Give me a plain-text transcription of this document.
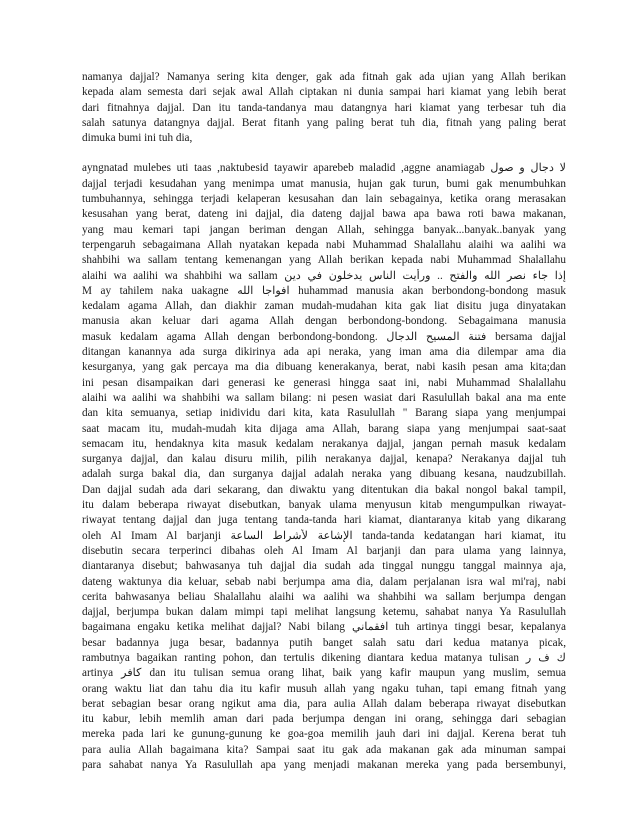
namanya dajjal? Namanya sering kita denger, gak ada fitnah gak ada ujian yang Allah berikan
kepada alam semesta dari sejak awal Allah ciptakan ni dunia sampai hari kiamat yang lebih berat
dari fitnahnya dajjal. Dan itu tanda-tandanya mau datangnya hari kiamat yang terbesar tuh dia
salah satunya datangnya dajjal. Berat fitanh yang paling berat tuh dia, fitnah yang paling berat
dimuka bumi ini tuh dia,
ayngnatad mulebes uti taas ,naktubesid tayawir aparebeb maladid ,aggne anamiagab لا دجال و صول
dajjal terjadi kesudahan yang menimpa umat manusia, hujan gak turun, bumi gak menumbuhkan
tumbuhannya, sehingga terjadi kelaperan kesusahan dan lain sebagainya, ketika orang merasakan
kesusahan yang berat, dateng ini dajjal, dia dateng dajjal bawa apa bawa roti bawa makanan,
yang mau kemari tapi jangan beriman dengan Allah, sehingga banyak...banyak..banyak yang
terpengaruh sebagaimana Allah nyatakan kepada nabi Muhammad Shalallahu alaihi wa aalihi wa
shahbihi wa sallam tentang kemenangan yang Allah berikan kepada nabi Muhammad Shalallahu
alaihi wa aalihi wa shahbihi wa sallam إذا جاء نصر الله والفتح .. ورأيت الناس يدخلون في دين
M ay tahilem naka uakagne افواجا الله huhammad manusia akan berbondong-bondong masuk
kedalam agama Allah, dan diakhir zaman mudah-mudahan kita gak liat disitu juga dinyatakan
manusia akan keluar dari agama Allah dengan berbondong-bondong. Sebagaimana manusia
masuk kedalam agama Allah dengan berbondong-bondong. فتنة المسيح الدجال bersama dajjal
ditangan kanannya ada surga dikirinya ada api neraka, yang iman ama dia dilempar ama dia
kesurganya, yang gak percaya ma dia dibuang kenerakanya, berat, nabi kasih pesan ama kita;dan
ini pesan disampaikan dari generasi ke generasi hingga saat ini, nabi Muhammad Shalallahu
alaihi wa aalihi wa shahbihi wa sallam bilang: ni pesen wasiat dari Rasulullah bakal ana ma ente
dan kita semuanya, setiap inidividu dari kita, kata Rasulullah " Barang siapa yang menjumpai
saat macam itu, mudah-mudah kita dijaga ama Allah, barang siapa yang menjumpai saat-saat
semacam itu, hendaknya kita masuk kedalam nerakanya dajjal, jangan pernah masuk kedalam
surganya dajjal, dan kalau disuru milih, pilih nerakanya dajjal, kenapa? Nerakanya dajjal tuh
adalah surga bakal dia, dan surganya dajjal adalah neraka yang dibuang kesana, naudzubillah.
Dan dajjal sudah ada dari sekarang, dan diwaktu yang ditentukan dia bakal nongol bakal tampil,
itu dalam beberapa riwayat disebutkan, banyak ulama menyusun kitab mengumpulkan riwayat-
riwayat tentang dajjal dan juga tentang tanda-tanda hari kiamat, diantaranya kitab yang dikarang
oleh Al Imam Al barjanji الإشاعة لأشراط الساعة tanda-tanda kedatangan hari kiamat, itu
disebutin secara terperinci dibahas oleh Al Imam Al barjanji dan para ulama yang lainnya,
diantaranya disebut; bahwasanya tuh dajjal dia sudah ada tinggal nunggu tanggal mainnya aja,
dateng waktunya dia keluar, sebab nabi berjumpa ama dia, dalam perjalanan isra wal mi'raj, nabi
cerita bahwasanya beliau Shalallahu alaihi wa aalihi wa shahbihi wa sallam berjumpa dengan
dajjal, berjumpa bukan dalam mimpi tapi melihat langsung ketemu, sahabat nanya Ya Rasulullah
bagaimana engaku ketika melihat dajjal? Nabi bilang افقماني tuh artinya tinggi besar, kepalanya
besar badannya juga besar, badannya putih banget salah satu dari kedua matanya picak,
rambutnya bagaikan ranting pohon, dan tertulis dikening diantara kedua matanya tulisan ك ف ر
artinya كافر dan itu tulisan semua orang lihat, baik yang kafir maupun yang muslim, semua
orang waktu liat dan tahu dia itu kafir musuh allah yang ngaku tuhan, tapi emang fitnah yang
berat sebagian besar orang ngikut ama dia, para aulia Allah dalam beberapa riwayat disebutkan
itu kabur, lebih memlih aman dari pada berjumpa dengan ini orang, sehingga dari sebagian
mereka pada lari ke gunung-gunung ke goa-goa memilih jauh dari ini dajjal. Kerena berat tuh
para aulia Allah bagaimana kita? Sampai saat itu gak ada makanan gak ada minuman sampai
para sahabat nanya Ya Rasulullah apa yang menjadi makanan mereka yang pada bersembunyi,
